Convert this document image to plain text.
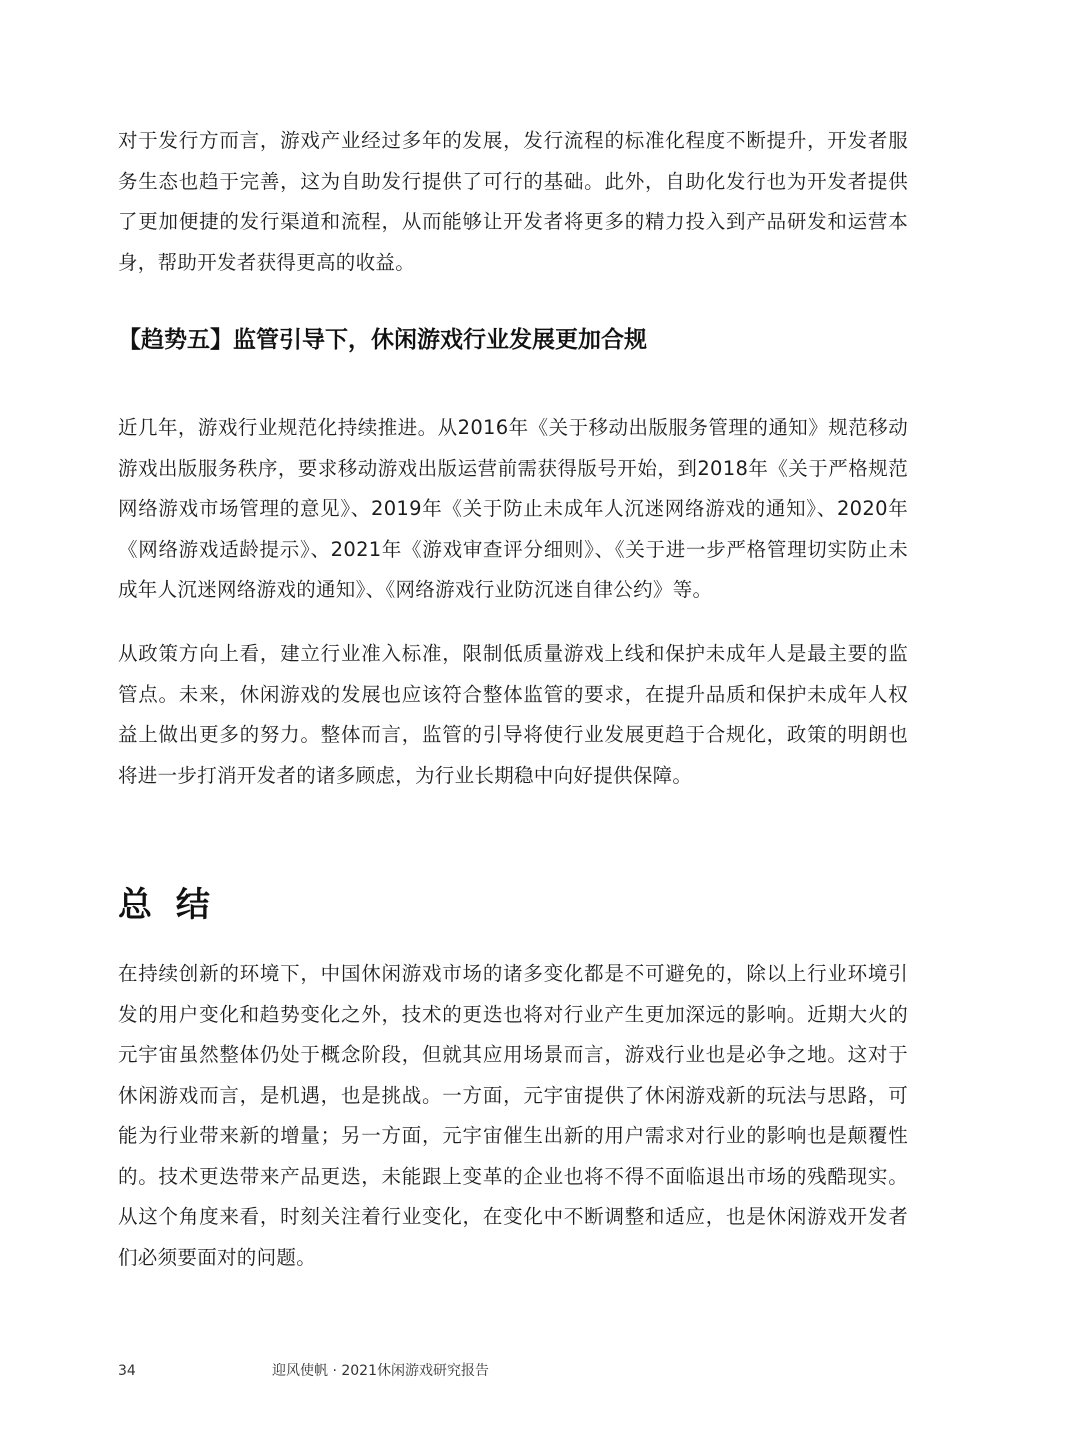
对于发行方而言，游戏产业经过多年的发展，发行流程的标准化程度不断提升，开发者服务生态也趋于完善，这为自助发行提供了可行的基础。此外，自助化发行也为开发者提供了更加便捷的发行渠道和流程，从而能够让开发者将更多的精力投入到产品研发和运营本身，帮助开发者获得更高的收益。

【趋势五】监管引导下，休闲游戏行业发展更加合规

近几年，游戏行业规范化持续推进。从2016年《关于移动出版服务管理的通知》规范移动游戏出版服务秩序，要求移动游戏出版运营前需获得版号开始，到2018年《关于严格规范网络游戏市场管理的意见》、2019年《关于防止未成年人沉迷网络游戏的通知》、2020年《网络游戏适龄提示》、2021年《游戏审查评分细则》、《关于进一步严格管理切实防止未成年人沉迷网络游戏的通知》、《网络游戏行业防沉迷自律公约》等。

从政策方向上看，建立行业准入标准，限制低质量游戏上线和保护未成年人是最主要的监管点。未来，休闲游戏的发展也应该符合整体监管的要求，在提升品质和保护未成年人权益上做出更多的努力。整体而言，监管的引导将使行业发展更趋于合规化，政策的明朗也将进一步打消开发者的诸多顾虑，为行业长期稳中向好提供保障。

总 结

在持续创新的环境下，中国休闲游戏市场的诸多变化都是不可避免的，除以上行业环境引发的用户变化和趋势变化之外，技术的更迭也将对行业产生更加深远的影响。近期大火的元宇宙虽然整体仍处于概念阶段，但就其应用场景而言，游戏行业也是必争之地。这对于休闲游戏而言，是机遇，也是挑战。一方面，元宇宙提供了休闲游戏新的玩法与思路，可能为行业带来新的增量；另一方面，元宇宙催生出新的用户需求对行业的影响也是颠覆性的。技术更迭带来产品更迭，未能跟上变革的企业也将不得不面临退出市场的残酷现实。从这个角度来看，时刻关注着行业变化，在变化中不断调整和适应，也是休闲游戏开发者们必须要面对的问题。

34	迎风使帆 · 2021休闲游戏研究报告
